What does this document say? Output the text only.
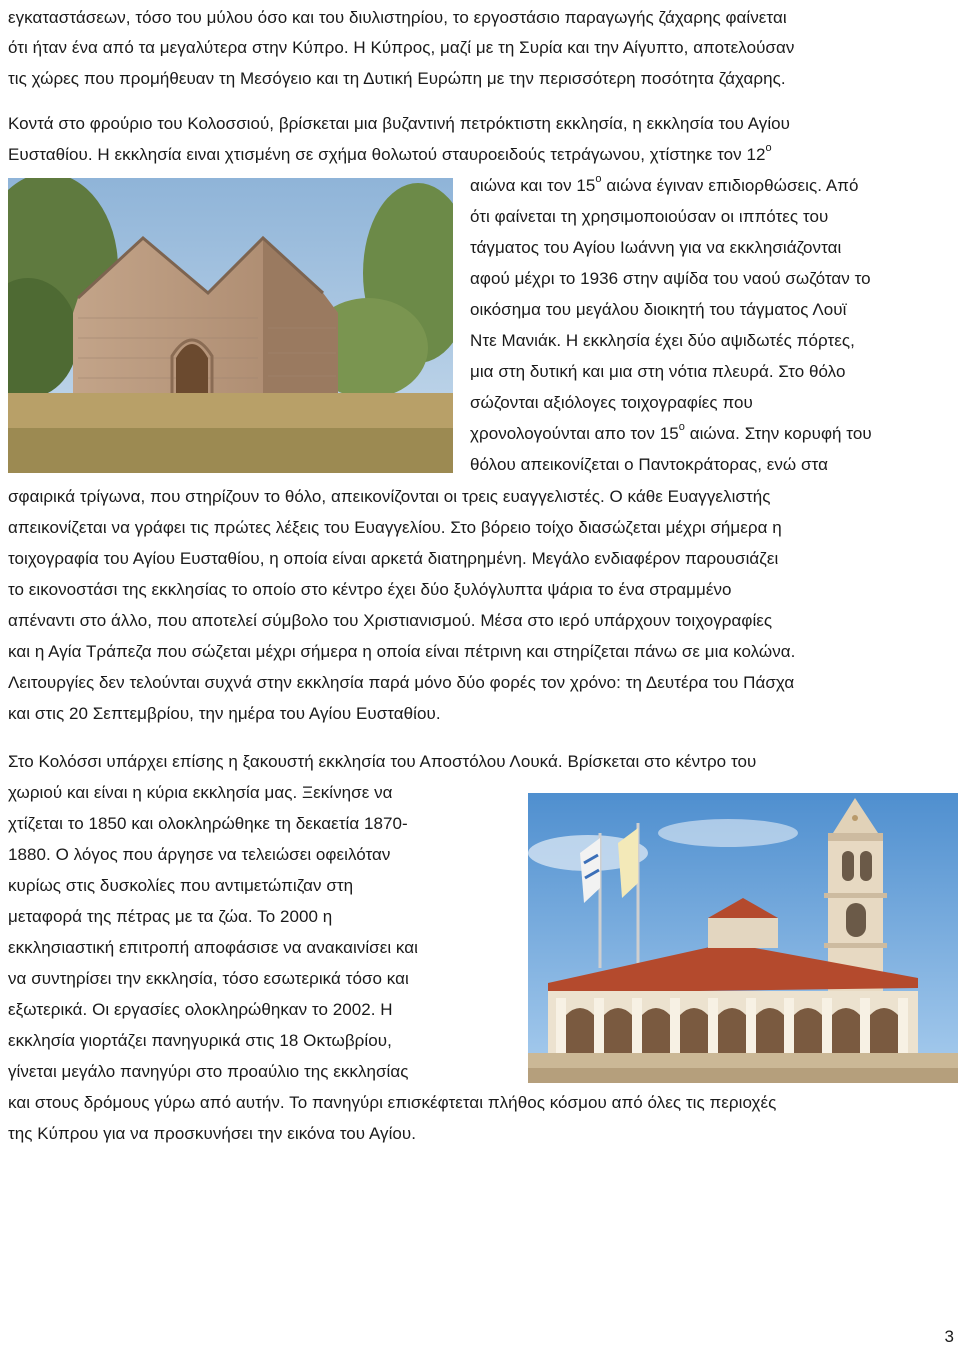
εγκαταστάσεων, τόσο του μύλου όσο και του διυλιστηρίου, το εργοστάσιο παραγωγής ζάχαρης φαίνεται
ότι ήταν ένα από τα μεγαλύτερα στην Κύπρο. Η Κύπρος, μαζί με τη Συρία και την Αίγυπτο, αποτελούσαν
τις χώρες που προμήθευαν τη Μεσόγειο και τη Δυτική Ευρώπη με την περισσότερη ποσότητα ζάχαρης.
Κοντά στο φρούριο του Κολοσσιού, βρίσκεται μια βυζαντινή πετρόκτιστη εκκλησία, η εκκλησία του Αγίου
Ευσταθίου. Η εκκλησία ειναι χτισμένη σε σχήμα θολωτού σταυροειδούς τετράγωνου, χτίστηκε τον $12^o$
αιώνα και τον $15^o$ αιώνα έγιναν επιδιορθώσεις. Από
ότι φαίνεται τη χρησιμοποιούσαν οι ιππότες του
τάγματος του Αγίου Ιωάννη για να εκκλησιάζονται
αφού μέχρι το 1936 στην αψίδα του ναού σωζόταν το
οικόσημα του μεγάλου διοικητή του τάγματος Λουϊ
Ντε Μανιάκ. Η εκκλησία έχει δύο αψιδωτές πόρτες,
μια στη δυτική και μια στη νότια πλευρά. Στο θόλο
σώζονται αξιόλογες τοιχογραφίες που
χρονολογούνται απο τον $15^o$ αιώνα. Στην κορυφή του
θόλου απεικονίζεται ο Παντοκράτορας, ενώ στα
σφαιρικά τρίγωνα, που στηρίζουν το θόλο, απεικονίζονται οι τρεις ευαγγελιστές. Ο κάθε Ευαγγελιστής
απεικονίζεται να γράφει τις πρώτες λέξεις του Ευαγγελίου. Στο βόρειο τοίχο διασώζεται μέχρι σήμερα η
τοιχογραφία του Αγίου Ευσταθίου, η οποία είναι αρκετά διατηρημένη. Μεγάλο ενδιαφέρον παρουσιάζει
το εικονοστάσι της εκκλησίας το οποίο στο κέντρο έχει δύο ξυλόγλυπτα ψάρια το ένα στραμμένο
απέναντι στο άλλο, που αποτελεί σύμβολο του Χριστιανισμού. Μέσα στο ιερό υπάρχουν τοιχογραφίες
και η Αγία Τράπεζα που σώζεται μέχρι σήμερα η οποία είναι πέτρινη και στηρίζεται πάνω σε μια κολώνα.
Λειτουργίες δεν τελούνται συχνά στην εκκλησία παρά μόνο δύο φορές τον χρόνο: τη Δευτέρα του Πάσχα
και στις 20 Σεπτεμβρίου, την ημέρα του Αγίου Ευσταθίου.
Στο Κολόσσι υπάρχει επίσης η ξακουστή εκκλησία του Αποστόλου Λουκά. Βρίσκεται στο κέντρο του
χωριού και είναι η κύρια εκκλησία μας. Ξεκίνησε να
χτίζεται το 1850 και ολοκληρώθηκε τη δεκαετία 1870-
1880. Ο λόγος που άργησε να τελειώσει οφειλόταν
κυρίως στις δυσκολίες που αντιμετώπιζαν στη
μεταφορά της πέτρας με τα ζώα. Το 2000 η
εκκλησιαστική επιτροπή αποφάσισε να ανακαινίσει και
να συντηρίσει την εκκλησία, τόσο εσωτερικά τόσο και
εξωτερικά. Οι εργασίες ολοκληρώθηκαν το 2002. Η
εκκλησία γιορτάζει πανηγυρικά στις 18 Οκτωβρίου,
γίνεται μεγάλο πανηγύρι στο προαύλιο της εκκλησίας
και στους δρόμους γύρω από αυτήν. Το πανηγύρι επισκέφτεται πλήθος κόσμου από όλες τις περιοχές
της Κύπρου για να προσκυνήσει την εικόνα του Αγίου.
3
